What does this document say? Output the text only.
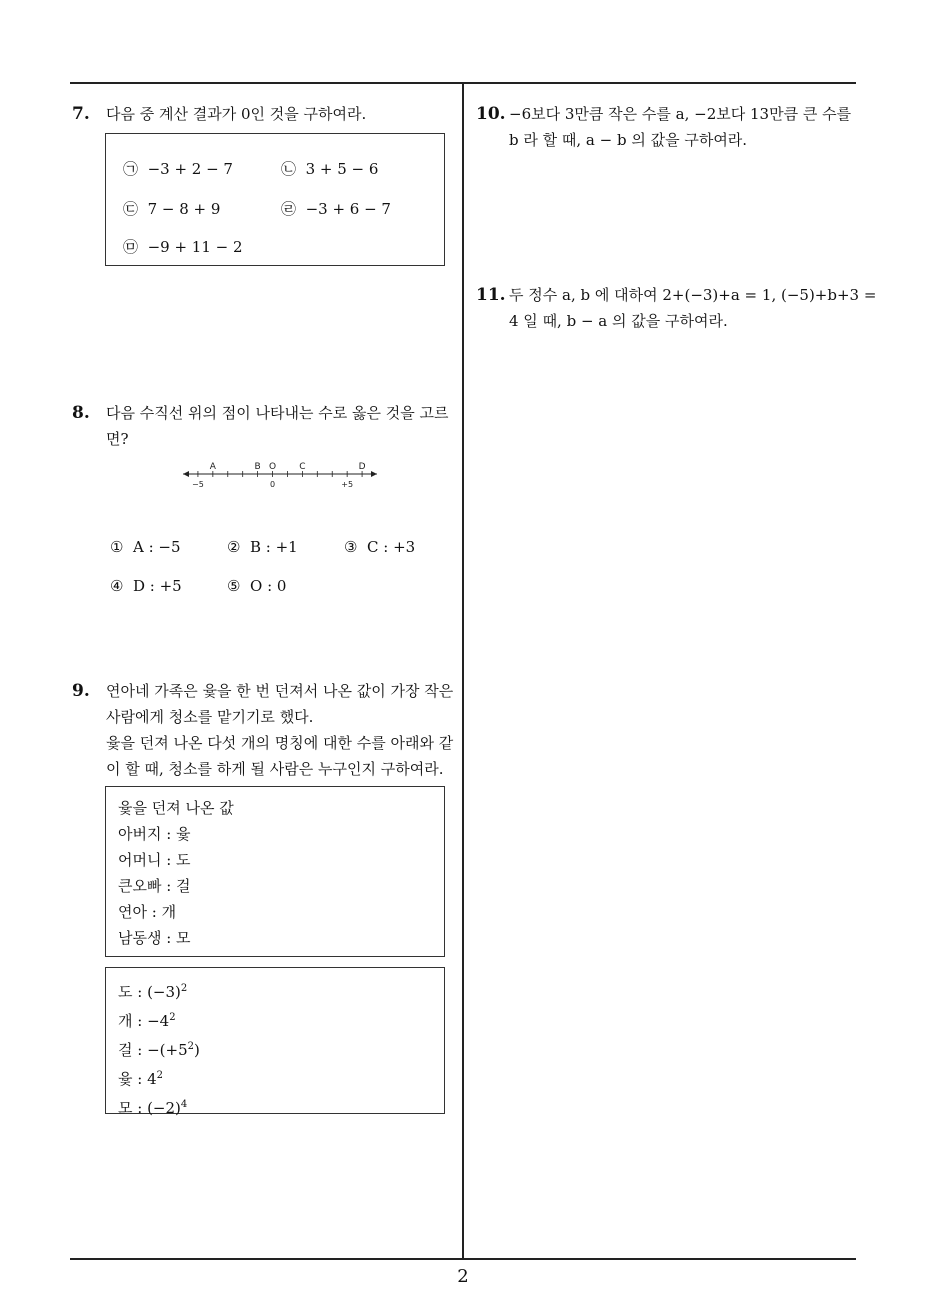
7. 다음 중 계산 결과가 0인 것을 구하여라.
㉠ −3 + 2 − 7	㉡ 3 + 5 − 6
㉢ 7 − 8 + 9	㉣ −3 + 6 − 7
㉤ −9 + 11 − 2
8. 다음 수직선 위의 점이 나타내는 수로 옳은 것을 고르
면?
A	B O	C	D
−5	0	+5
① A : −5	② B : +1	③ C : +3
④ D : +5	⑤ O : 0
9. 연아네 가족은 윷을 한 번 던져서 나온 값이 가장 작은
사람에게 청소를 맡기기로 했다.
윷을 던져 나온 다섯 개의 명칭에 대한 수를 아래와 같
이 할 때, 청소를 하게 될 사람은 누구인지 구하여라.
윷을 던져 나온 값
아버지 : 윷
어머니 : 도
큰오빠 : 걸
연아 : 개
남동생 : 모
도 : $(-3)^2$
개 : $-4^2$
걸 : $-(+5^2)$
윷 : $4^2$
모 : $(-2)^4$
10. −6보다 3만큼 작은 수를 a, −2보다 13만큼 큰 수를
b 라 할 때, a − b 의 값을 구하여라.
11. 두 정수 a, b 에 대하여 2+(−3)+a = 1, (−5)+b+3 =
4 일 때, b − a 의 값을 구하여라.
2
